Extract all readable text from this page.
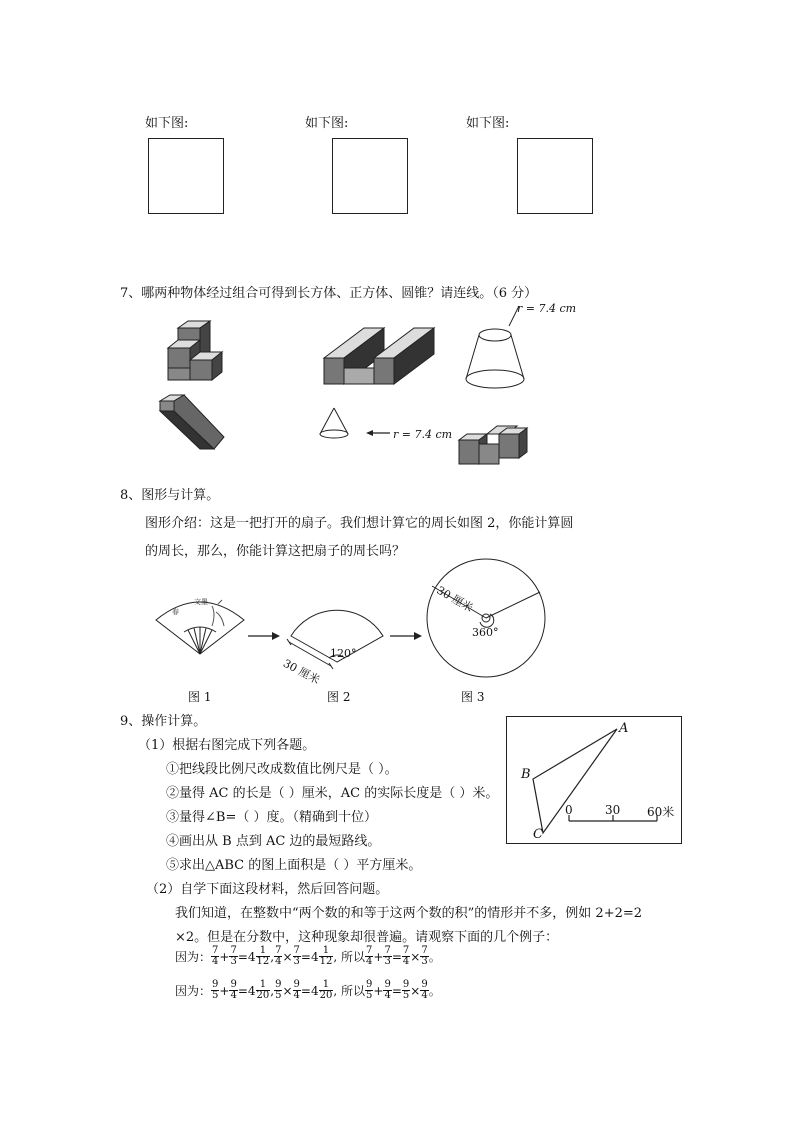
如下图:	如下图:	如下图:
7、哪两种物体经过组合可得到长方体、正方体、圆锥？请连线。（6 分）
r = 7.4 cm
r = 7.4 cm
8、图形与计算。
图形介绍：这是一把打开的扇子。我们想计算它的周长如图 2，你能计算圆
的周长，那么，你能计算这把扇子的周长吗？
春
文墨
120°
30 厘米
30 厘米
360°
图 1	图 2	图 3
9、操作计算。
（1）根据右图完成下列各题。
①把线段比例尺改成数值比例尺是（ ）。
②量得 AC 的长是（ ）厘米，AC 的实际长度是（ ）米。
③量得∠B=（ ）度。（精确到十位）
④画出从 B 点到 AC 边的最短路线。
⑤求出△ABC 的图上面积是（ ）平方厘米。
A
B
C
0	30 60米
（2）自学下面这段材料，然后回答问题。
我们知道，在整数中“两个数的和等于这两个数的积”的情形并不多，例如 2+2=2
×2。但是在分数中，这种现象却很普遍。请观察下面的几个例子：
因为： $\frac{7}{4} + \frac{7}{3} = 4 \frac{1}{12}$ , $\frac{7}{4} \times \frac{7}{3} = 4 \frac{1}{12}$ , 所以 $\frac{7}{4} + \frac{7}{3} = \frac{7}{4} \times \frac{7}{3}$ 。
因为： $\frac{9}{5} + \frac{9}{4} = 4 \frac{1}{20}$ , $\frac{9}{5} \times \frac{9}{4} = 4 \frac{1}{20}$ , 所以 $\frac{9}{5} + \frac{9}{4} = \frac{9}{5} \times \frac{9}{4}$ 。
